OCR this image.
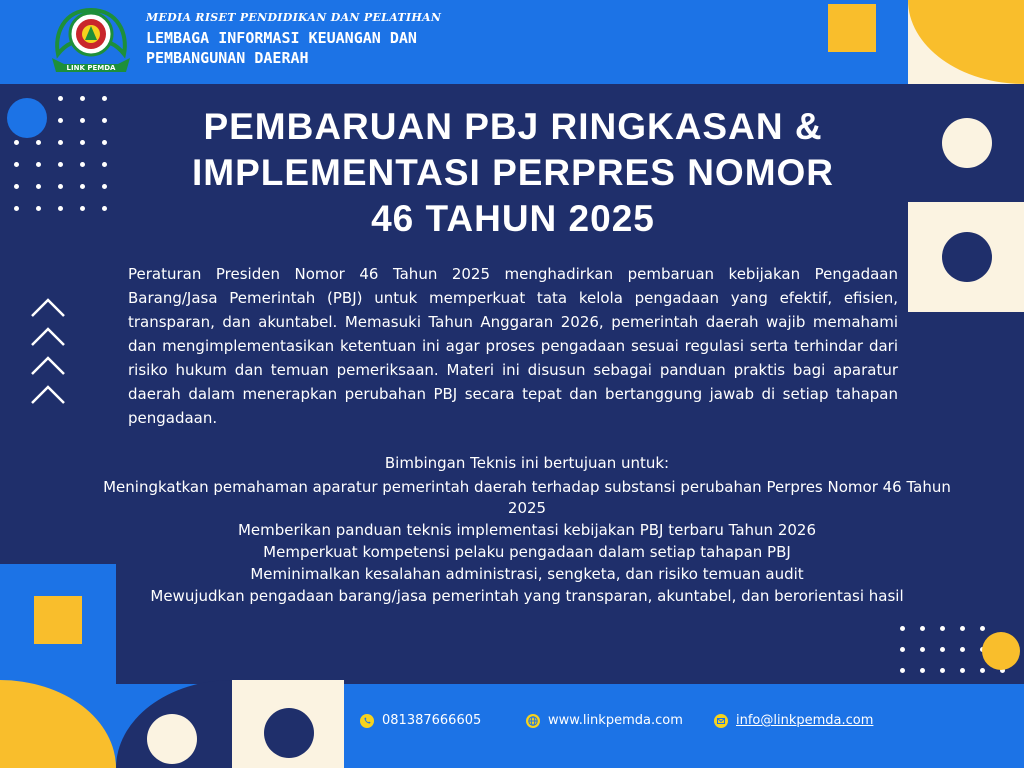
LINK PEMDA
MEDIA RISET PENDIDIKAN DAN PELATIHAN
LEMBAGA INFORMASI KEUANGAN DAN
PEMBANGUNAN DAERAH
PEMBARUAN PBJ RINGKASAN &
IMPLEMENTASI PERPRES NOMOR
46 TAHUN 2025

Peraturan Presiden Nomor 46 Tahun 2025 menghadirkan pembaruan kebijakan Pengadaan Barang/Jasa Pemerintah (PBJ) untuk memperkuat tata kelola pengadaan yang efektif, efisien, transparan, dan akuntabel. Memasuki Tahun Anggaran 2026, pemerintah daerah wajib memahami dan mengimplementasikan ketentuan ini agar proses pengadaan sesuai regulasi serta terhindar dari risiko hukum dan temuan pemeriksaan. Materi ini disusun sebagai panduan praktis bagi aparatur daerah dalam menerapkan perubahan PBJ secara tepat dan bertanggung jawab di setiap tahapan pengadaan.

Bimbingan Teknis ini bertujuan untuk:
Meningkatkan pemahaman aparatur pemerintah daerah terhadap substansi perubahan Perpres Nomor 46 Tahun 2025
Memberikan panduan teknis implementasi kebijakan PBJ terbaru Tahun 2026
Memperkuat kompetensi pelaku pengadaan dalam setiap tahapan PBJ
Meminimalkan kesalahan administrasi, sengketa, dan risiko temuan audit
Mewujudkan pengadaan barang/jasa pemerintah yang transparan, akuntabel, dan berorientasi hasil
081387666605	www.linkpemda.com	info@linkpemda.com
